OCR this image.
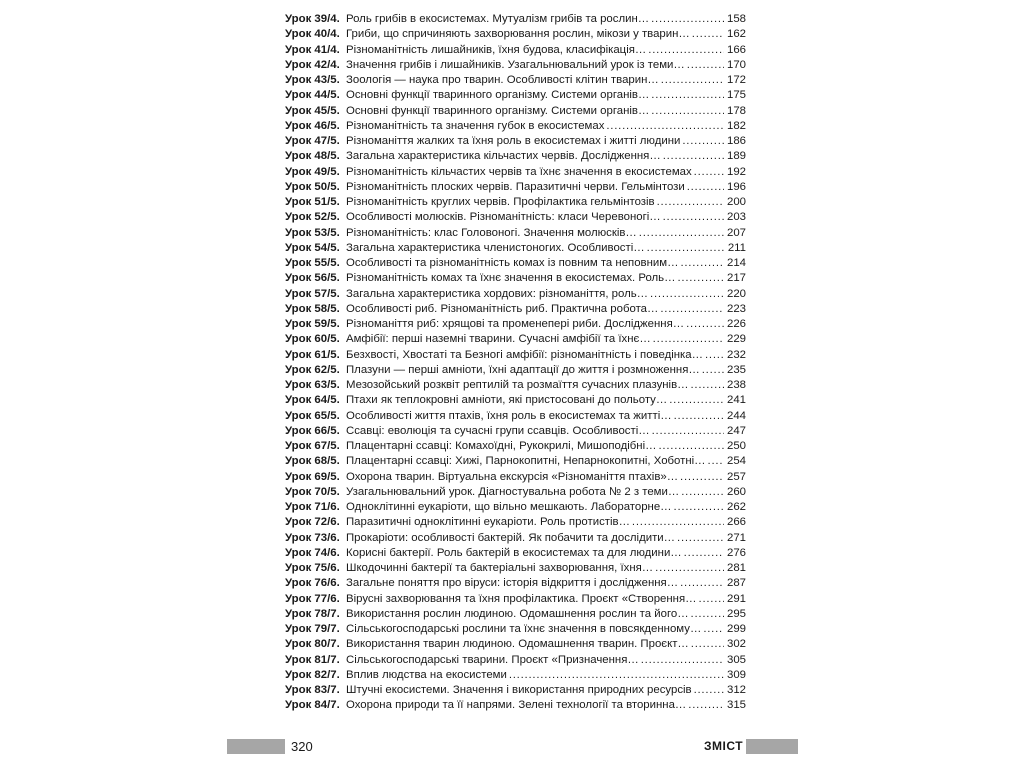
Урок 39/4. Роль грибів в екосистемах. Мутуалізм грибів та рослин… . . .	158
Урок 40/4. Гриби, що спричиняють захворювання рослин, мікози у тварин… . . .	162
Урок 41/4. Різноманітність лишайників, їхня будова, класифікація… . . .	166
Урок 42/4. Значення грибів і лишайників. Узагальнювальний урок із теми… . . .	170
Урок 43/5. Зоологія — наука про тварин. Особливості клітин тварин… . . .	172
Урок 44/5. Основні функції тваринного організму. Системи органів… . . .	175
Урок 45/5. Основні функції тваринного організму. Системи органів… . . .	178
Урок 46/5. Різноманітність та значення губок в екосистемах . . .	182
Урок 47/5. Різноманіття жалких та їхня роль в екосистемах і житті людини . . .	186
Урок 48/5. Загальна характеристика кільчастих червів. Дослідження… . . .	189
Урок 49/5. Різноманітність кільчастих червів та їхнє значення в екосистемах . . .	192
Урок 50/5. Різноманітність плоских червів. Паразитичні черви. Гельмінтози . . .	196
Урок 51/5. Різноманітність круглих червів. Профілактика гельмінтозів . . .	200
Урок 52/5. Особливості молюсків. Різноманітність: класи Черевоногі… . . .	203
Урок 53/5. Різноманітність: клас Головоногі. Значення молюсків… . . .	207
Урок 54/5. Загальна характеристика членистоногих. Особливості… . . .	211
Урок 55/5. Особливості та різноманітність комах із повним та неповним… . . .	214
Урок 56/5. Різноманітність комах та їхнє значення в екосистемах. Роль… . . .	217
Урок 57/5. Загальна характеристика хордових: різноманіття, роль… . . .	220
Урок 58/5. Особливості риб. Різноманітність риб. Практична робота… . . .	223
Урок 59/5. Різноманіття риб: хрящові та променепері риби. Дослідження… . . .	226
Урок 60/5. Амфібії: перші наземні тварини. Сучасні амфібії та їхнє… . . .	229
Урок 61/5. Безхвості, Хвостаті та Безногі амфібії: різноманітність і поведінка… . . .	232
Урок 62/5. Плазуни — перші амніоти, їхні адаптації до життя і розмноження… . . .	235
Урок 63/5. Мезозойський розквіт рептилій та розмаїття сучасних плазунів… . . .	238
Урок 64/5. Птахи як теплокровні амніоти, які пристосовані до польоту… . . .	241
Урок 65/5. Особливості життя птахів, їхня роль в екосистемах та житті… . . .	244
Урок 66/5. Ссавці: еволюція та сучасні групи ссавців. Особливості… . . .	247
Урок 67/5. Плацентарні ссавці: Комахоїдні, Рукокрилі, Мишоподібні… . . .	250
Урок 68/5. Плацентарні ссавці: Хижі, Парнокопитні, Непарнокопитні, Хоботні… . . .	254
Урок 69/5. Охорона тварин. Віртуальна екскурсія «Різноманіття птахів»… . . .	257
Урок 70/5. Узагальнювальний урок. Діагностувальна робота № 2 з теми… . . .	260
Урок 71/6. Одноклітинні еукаріоти, що вільно мешкають. Лабораторне… . . .	262
Урок 72/6. Паразитичні одноклітинні еукаріоти. Роль протистів… . . .	266
Урок 73/6. Прокаріоти: особливості бактерій. Як побачити та дослідити… . . .	271
Урок 74/6. Корисні бактерії. Роль бактерій в екосистемах та для людини… . . .	276
Урок 75/6. Шкодочинні бактерії та бактеріальні захворювання, їхня… . . .	281
Урок 76/6. Загальне поняття про віруси: історія відкриття і дослідження… . . .	287
Урок 77/6. Вірусні захворювання та їхня профілактика. Проєкт «Створення… . . .	291
Урок 78/7. Використання рослин людиною. Одомашнення рослин та його… . . .	295
Урок 79/7. Сільськогосподарські рослини та їхнє значення в повсякденному… . . .	299
Урок 80/7. Використання тварин людиною. Одомашнення тварин. Проєкт… . . .	302
Урок 81/7. Сільськогосподарські тварини. Проєкт «Призначення… . . .	305
Урок 82/7. Вплив людства на екосистеми . . .	309
Урок 83/7. Штучні екосистеми. Значення і використання природних ресурсів . . .	312
Урок 84/7. Охорона природи та її напрями. Зелені технології та вторинна… . . .	315
320	ЗМІСТ
